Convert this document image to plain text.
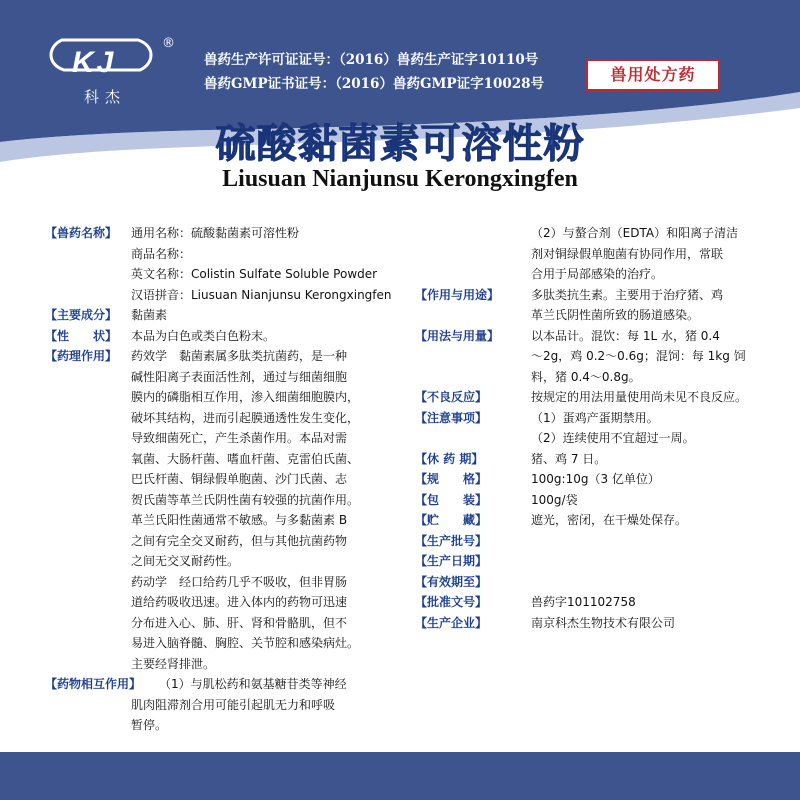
KJ
®
科杰
兽药生产许可证证号：（2016）兽药生产证字10110号
兽药GMP证书证号：（2016）兽药GMP证字10028号	兽用处方药
硫酸黏菌素可溶性粉
Liusuan Nianjunsu Kerongxingfen
【兽药名称】	通用名称：硫酸黏菌素可溶性粉
商品名称：
英文名称：Colistin Sulfate Soluble Powder
汉语拼音：Liusuan Nianjunsu Kerongxingfen
【主要成分】	黏菌素
【性　　状】	本品为白色或类白色粉末。
【药理作用】	药效学　黏菌素属多肽类抗菌药，是一种
碱性阳离子表面活性剂，通过与细菌细胞
膜内的磷脂相互作用，渗入细菌细胞膜内，
破坏其结构，进而引起膜通透性发生变化，
导致细菌死亡，产生杀菌作用。本品对需
氧菌、大肠杆菌、嗜血杆菌、克雷伯氏菌、
巴氏杆菌、铜绿假单胞菌、沙门氏菌、志
贺氏菌等革兰氏阴性菌有较强的抗菌作用。
革兰氏阳性菌通常不敏感。与多黏菌素 B
之间有完全交叉耐药，但与其他抗菌药物
之间无交叉耐药性。
药动学　经口给药几乎不吸收，但非胃肠
道给药吸收迅速。进入体内的药物可迅速
分布进入心、肺、肝、肾和骨骼肌，但不
易进入脑脊髓、胸腔、关节腔和感染病灶。
主要经肾排泄。
【药物相互作用】	（1）与肌松药和氨基糖苷类等神经
肌肉阻滞剂合用可能引起肌无力和呼吸
暂停。
（2）与螯合剂（EDTA）和阳离子清洁
剂对铜绿假单胞菌有协同作用，常联
合用于局部感染的治疗。
【作用与用途】	多肽类抗生素。主要用于治疗猪、鸡
革兰氏阴性菌所致的肠道感染。
【用法与用量】	以本品计。混饮：每 1L 水，猪 0.4
～2g，鸡 0.2～0.6g；混饲：每 1kg 饲
料，猪 0.4～0.8g。
【不良反应】	按规定的用法用量使用尚未见不良反应。
【注意事项】	（1）蛋鸡产蛋期禁用。
（2）连续使用不宜超过一周。
【休 药 期】	猪、鸡 7 日。
【规　　格】	100g:10g（3 亿单位）
【包　　装】	100g/袋
【贮　　藏】	遮光，密闭，在干燥处保存。
【生产批号】
【生产日期】
【有效期至】
【批准文号】	兽药字101102758
【生产企业】	南京科杰生物技术有限公司
